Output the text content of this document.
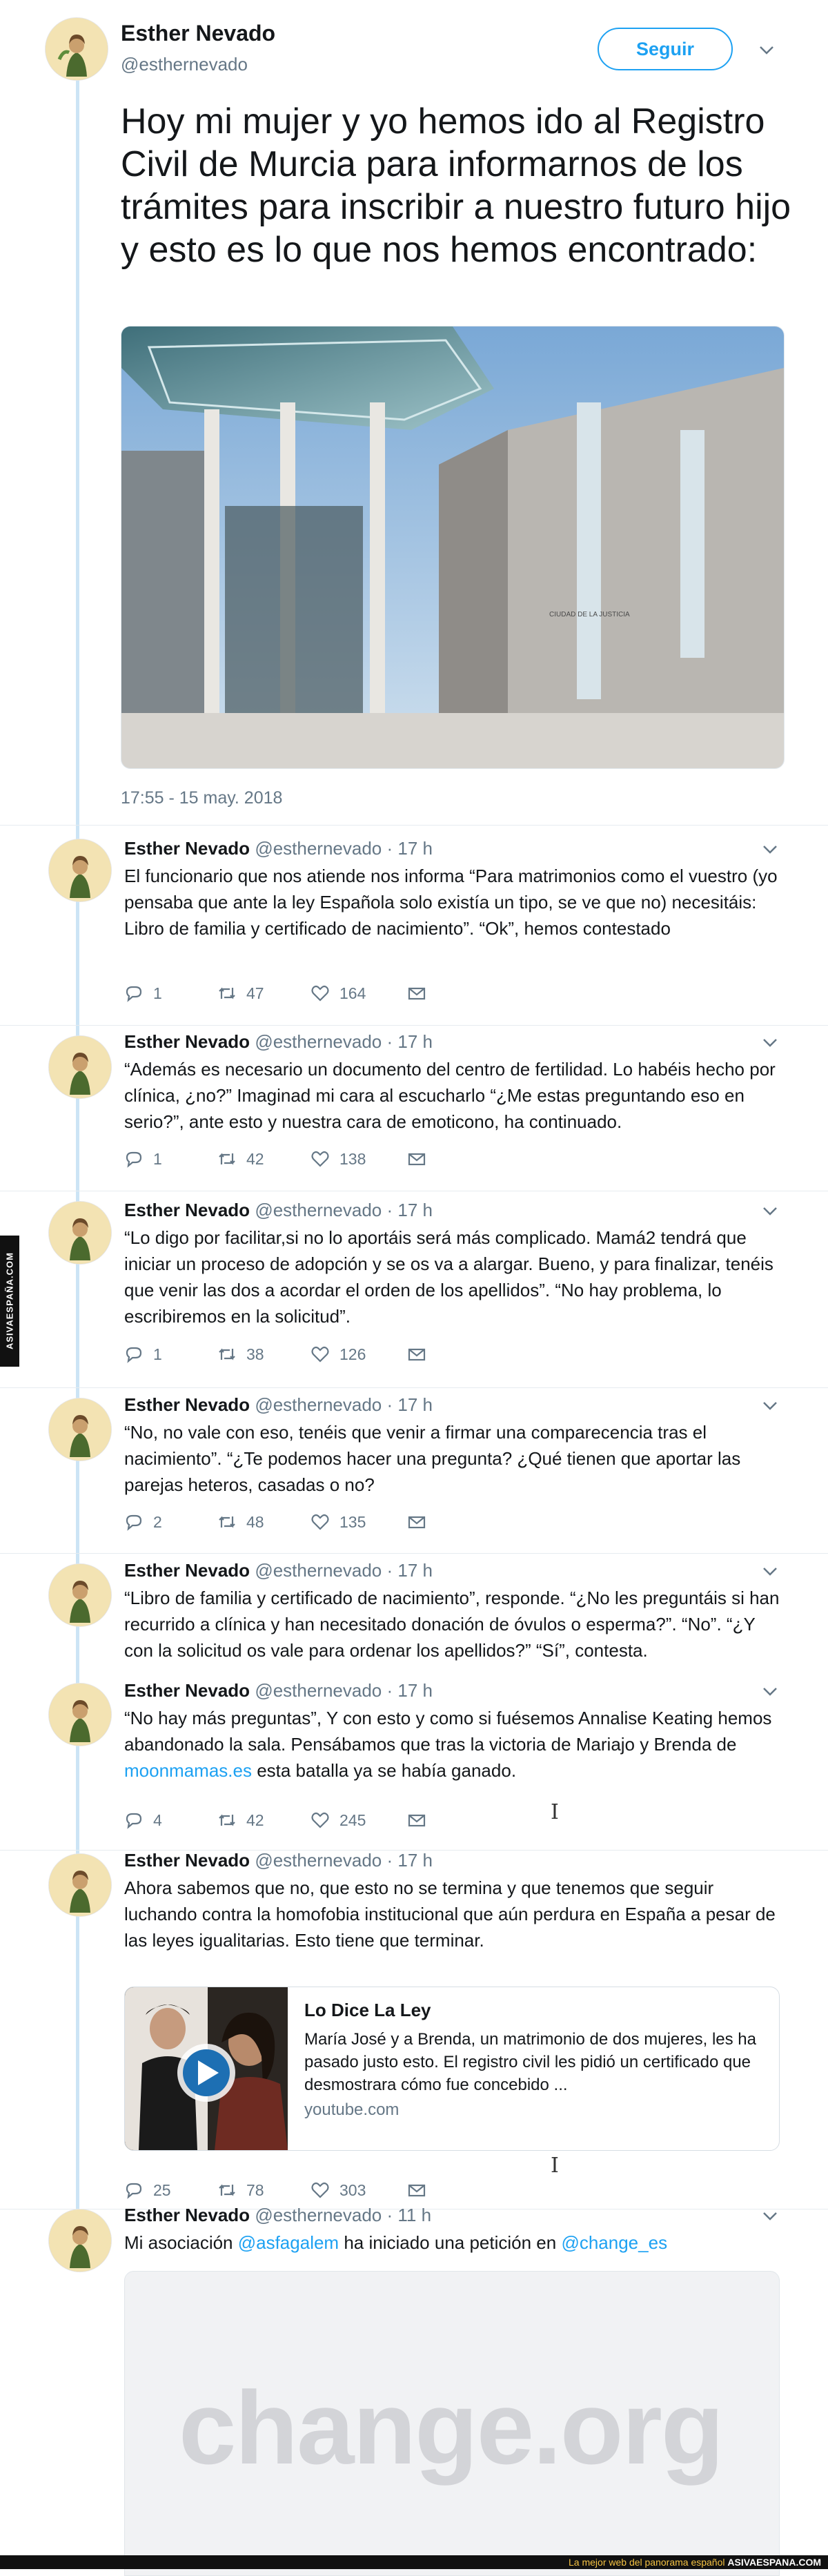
ASIVAESPAÑA.COM
Esther Nevado
@esthernevado
Seguir
Hoy mi mujer y yo hemos ido al Registro Civil de Murcia para informarnos de los trámites para inscribir a nuestro futuro hijo y esto es lo que nos hemos encontrado:
CIUDAD DE LA JUSTICIA
17:55 - 15 may. 2018
Esther Nevado @esthernevado · 17 h
El funcionario que nos atiende nos informa “Para matrimonios como el vuestro (yo pensaba que ante la ley Española solo existía un tipo, se ve que no) necesitáis: Libro de familia y certificado de nacimiento”. “Ok”, hemos contestado
1	47	164
Esther Nevado @esthernevado · 17 h
“Además es necesario un documento del centro de fertilidad. Lo habéis hecho por clínica, ¿no?” Imaginad mi cara al escucharlo “¿Me estas preguntando eso en serio?”, ante esto y nuestra cara de emoticono, ha continuado.
1	42	138
Esther Nevado @esthernevado · 17 h
“Lo digo por facilitar,si no lo aportáis será más complicado. Mamá2 tendrá que iniciar un proceso de adopción y se os va a alargar. Bueno, y para finalizar, tenéis que venir las dos a acordar el orden de los apellidos”. “No hay problema, lo escribiremos en la solicitud”.
1	38	126
Esther Nevado @esthernevado · 17 h
“No, no vale con eso, tenéis que venir a firmar una comparecencia tras el nacimiento”. “¿Te podemos hacer una pregunta? ¿Qué tienen que aportar las parejas heteros, casadas o no?
2	48	135
Esther Nevado @esthernevado · 17 h
“Libro de familia y certificado de nacimiento”, responde. “¿No les preguntáis si han recurrido a clínica y han necesitado donación de óvulos o esperma?”. “No”. “¿Y con la solicitud os vale para ordenar los apellidos?” “Sí”, contesta.
Esther Nevado @esthernevado · 17 h
“No hay más preguntas”, Y con esto y como si fuésemos Annalise Keating hemos abandonado la sala. Pensábamos que tras la victoria de Mariajo y Brenda de moonmamas.es esta batalla ya se había ganado.
4	42	245	I
Esther Nevado @esthernevado · 17 h
Ahora sabemos que no, que esto no se termina y que tenemos que seguir luchando contra la homofobia institucional que aún perdura en España a pesar de las leyes igualitarias. Esto tiene que terminar.
Lo Dice La Ley
María José y a Brenda, un matrimonio de dos mujeres, les ha pasado justo esto. El registro civil les pidió un certificado que desmostrara cómo fue concebido ...
youtube.com
25	78	303
I
Esther Nevado @esthernevado · 11 h
Mi asociación @asfagalem ha iniciado una petición en @change_es
change.org
La mejor web del panorama español ASIVAESPANA.COM
